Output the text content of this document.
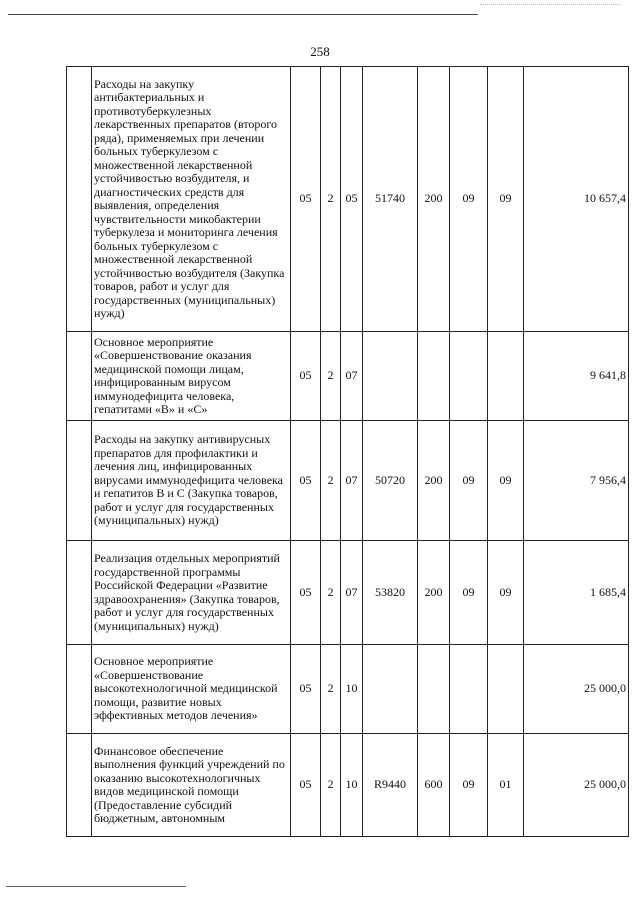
258
	Расходы на закупку антибактериальных и противотуберкулезных лекарственных препаратов (второго ряда), применяемых при лечении больных туберкулезом с множественной лекарственной устойчивостью возбудителя, и диагностических средств для выявления, определения чувствительности микобактерии туберкулеза и мониторинга лечения больных туберкулезом с множественной лекарственной устойчивостью возбудителя (Закупка товаров, работ и услуг для государственных (муниципальных) нужд)	05	2	05	51740	200	09	09	10 657,4
	Основное мероприятие «Совершенствование оказания медицинской помощи лицам, инфицированным вирусом иммунодефицита человека, гепатитами «В» и «С»	05	2	07					9 641,8
	Расходы на закупку антивирусных препаратов для профилактики и лечения лиц, инфицированных вирусами иммунодефицита человека и гепатитов В и С (Закупка товаров, работ и услуг для государственных (муниципальных) нужд)	05	2	07	50720	200	09	09	7 956,4
	Реализация отдельных мероприятий государственной программы Российской Федерации «Развитие здравоохранения» (Закупка товаров, работ и услуг для государственных (муниципальных) нужд)	05	2	07	53820	200	09	09	1 685,4
	Основное мероприятие «Совершенствование высокотехнологичной медицинской помощи, развитие новых эффективных методов лечения»	05	2	10					25 000,0
	Финансовое обеспечение выполнения функций учреждений по оказанию высокотехнологичных видов медицинской помощи (Предоставление субсидий бюджетным, автономным	05	2	10	R9440	600	09	01	25 000,0
